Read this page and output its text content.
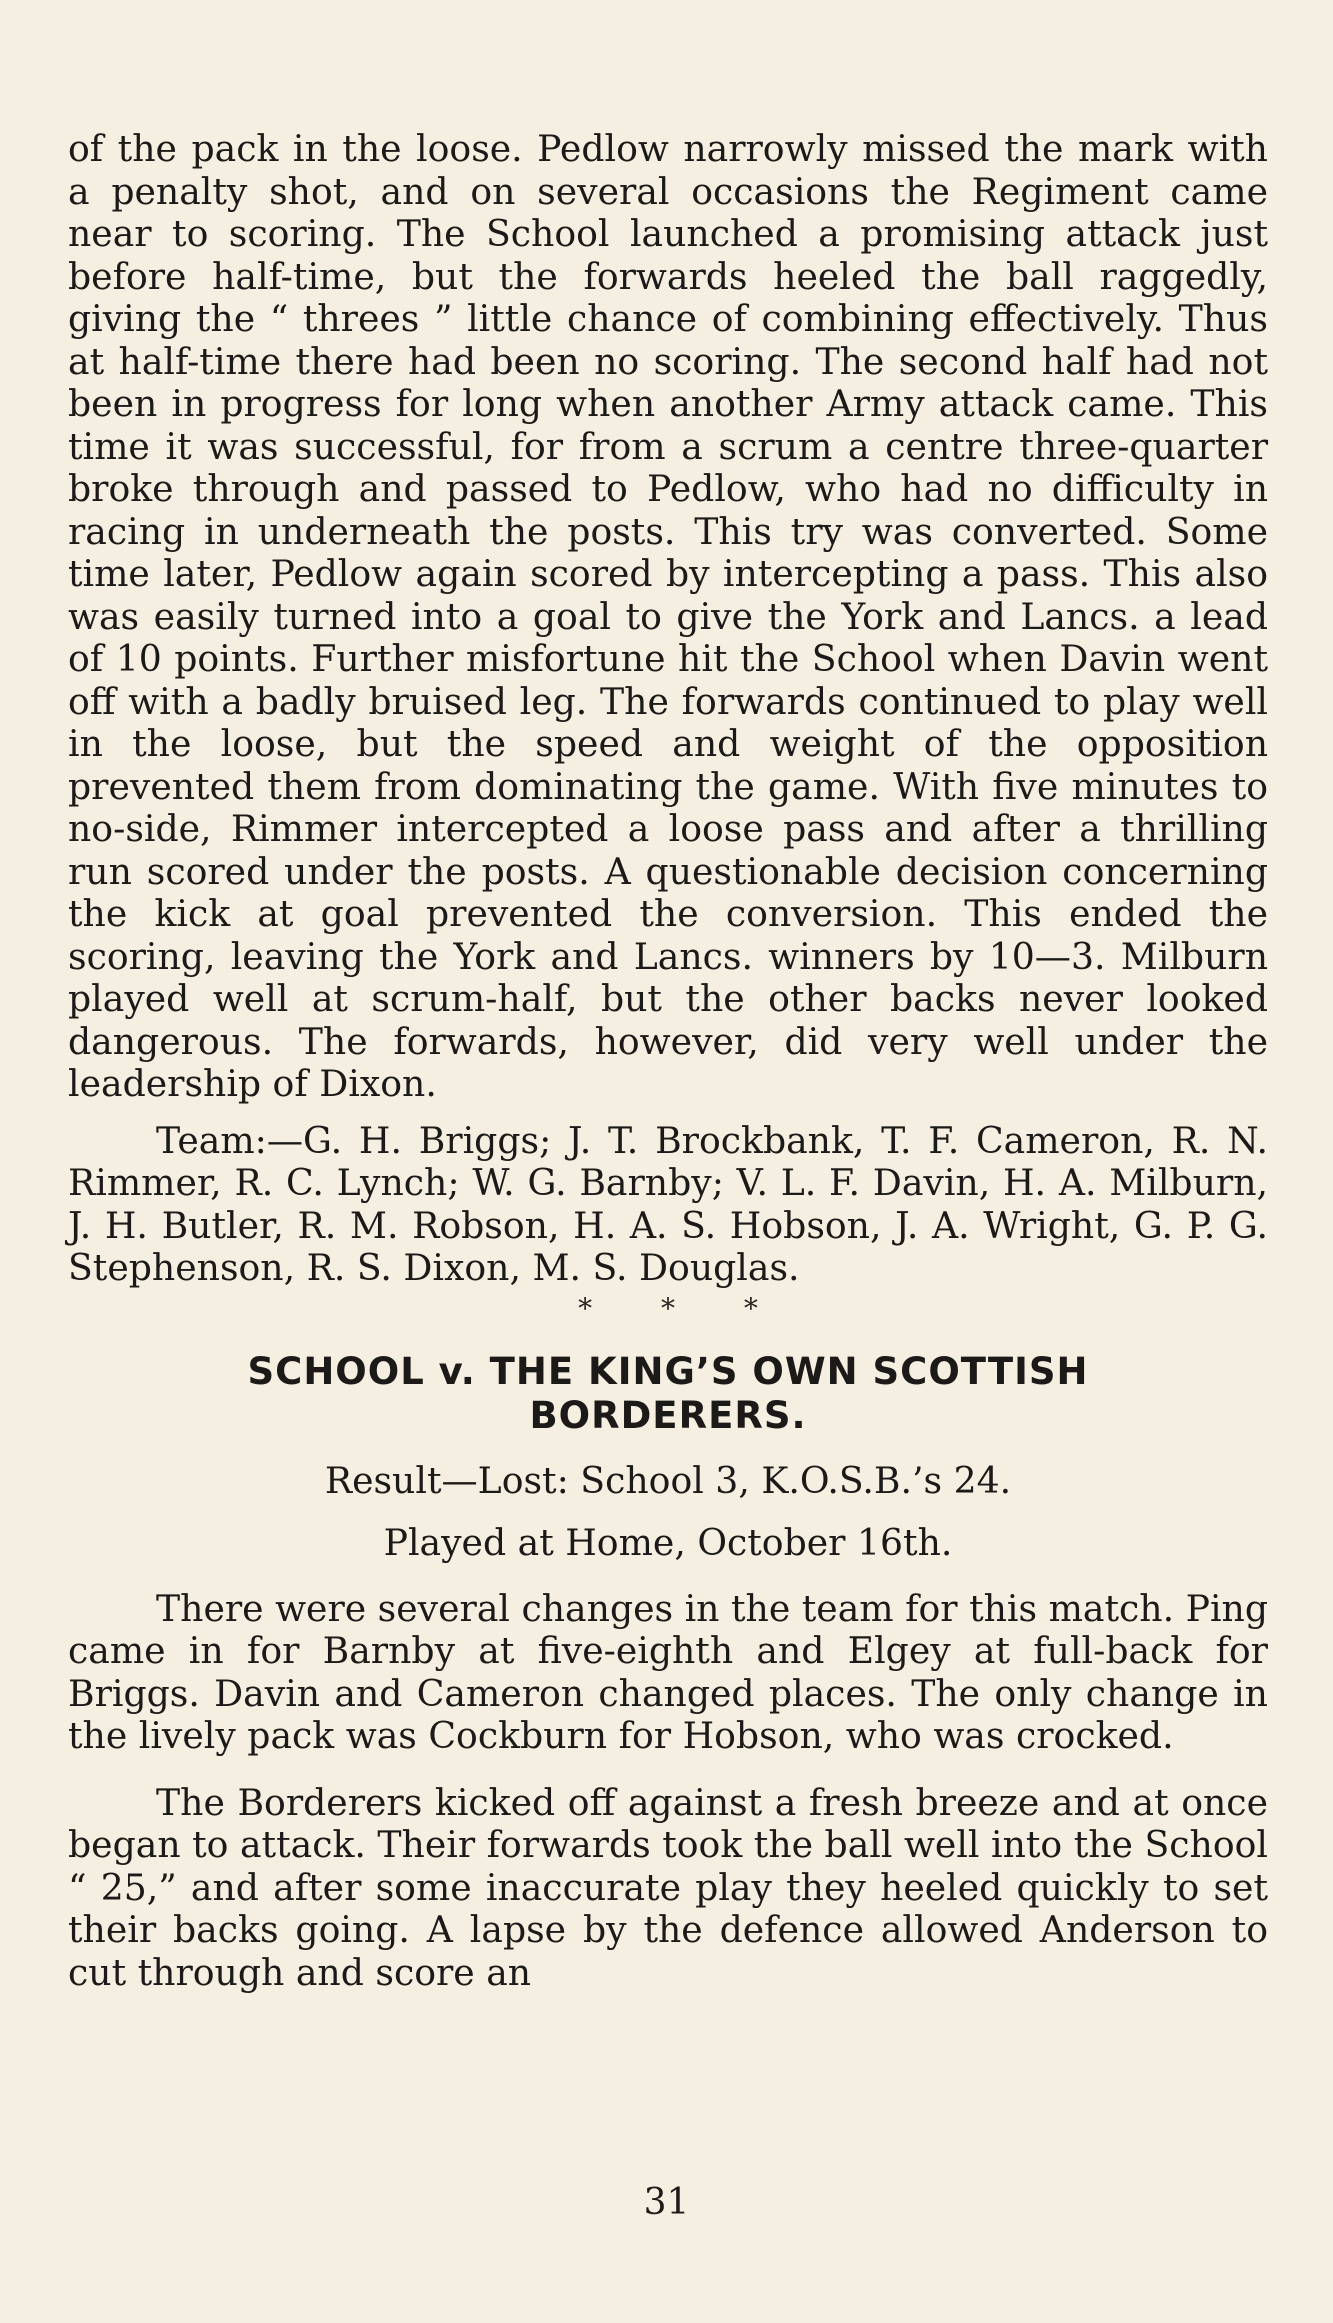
of the pack in the loose. Pedlow narrowly missed the mark with a penalty shot, and on several occasions the Regiment came near to scoring. The School launched a promising attack just before half-time, but the forwards heeled the ball raggedly, giving the “ threes ” little chance of combining effectively. Thus at half-time there had been no scoring. The second half had not been in progress for long when another Army attack came. This time it was successful, for from a scrum a centre three-quarter broke through and passed to Pedlow, who had no difficulty in racing in underneath the posts. This try was converted. Some time later, Pedlow again scored by intercepting a pass. This also was easily turned into a goal to give the York and Lancs. a lead of 10 points. Further misfortune hit the School when Davin went off with a badly bruised leg. The forwards continued to play well in the loose, but the speed and weight of the opposition prevented them from dominating the game. With five minutes to no-side, Rimmer intercepted a loose pass and after a thrilling run scored under the posts. A questionable decision concerning the kick at goal prevented the conversion. This ended the scoring, leaving the York and Lancs. winners by 10—3. Milburn played well at scrum-half, but the other backs never looked dangerous. The forwards, however, did very well under the leadership of Dixon.

Team:—G. H. Briggs; J. T. Brockbank, T. F. Cameron, R. N. Rimmer, R. C. Lynch; W. G. Barnby; V. L. F. Davin, H. A. Milburn, J. H. Butler, R. M. Robson, H. A. S. Hobson, J. A. Wright, G. P. G. Stephenson, R. S. Dixon, M. S. Douglas.

* * *
SCHOOL v. THE KING’S OWN SCOTTISH
BORDERERS.
Result—Lost: School 3, K.O.S.B.’s 24.
Played at Home, October 16th.

There were several changes in the team for this match. Ping came in for Barnby at five-eighth and Elgey at full-back for Briggs. Davin and Cameron changed places. The only change in the lively pack was Cockburn for Hobson, who was crocked.

The Borderers kicked off against a fresh breeze and at once began to attack. Their forwards took the ball well into the School “ 25,” and after some inaccurate play they heeled quickly to set their backs going. A lapse by the defence allowed Anderson to cut through and score an

31
